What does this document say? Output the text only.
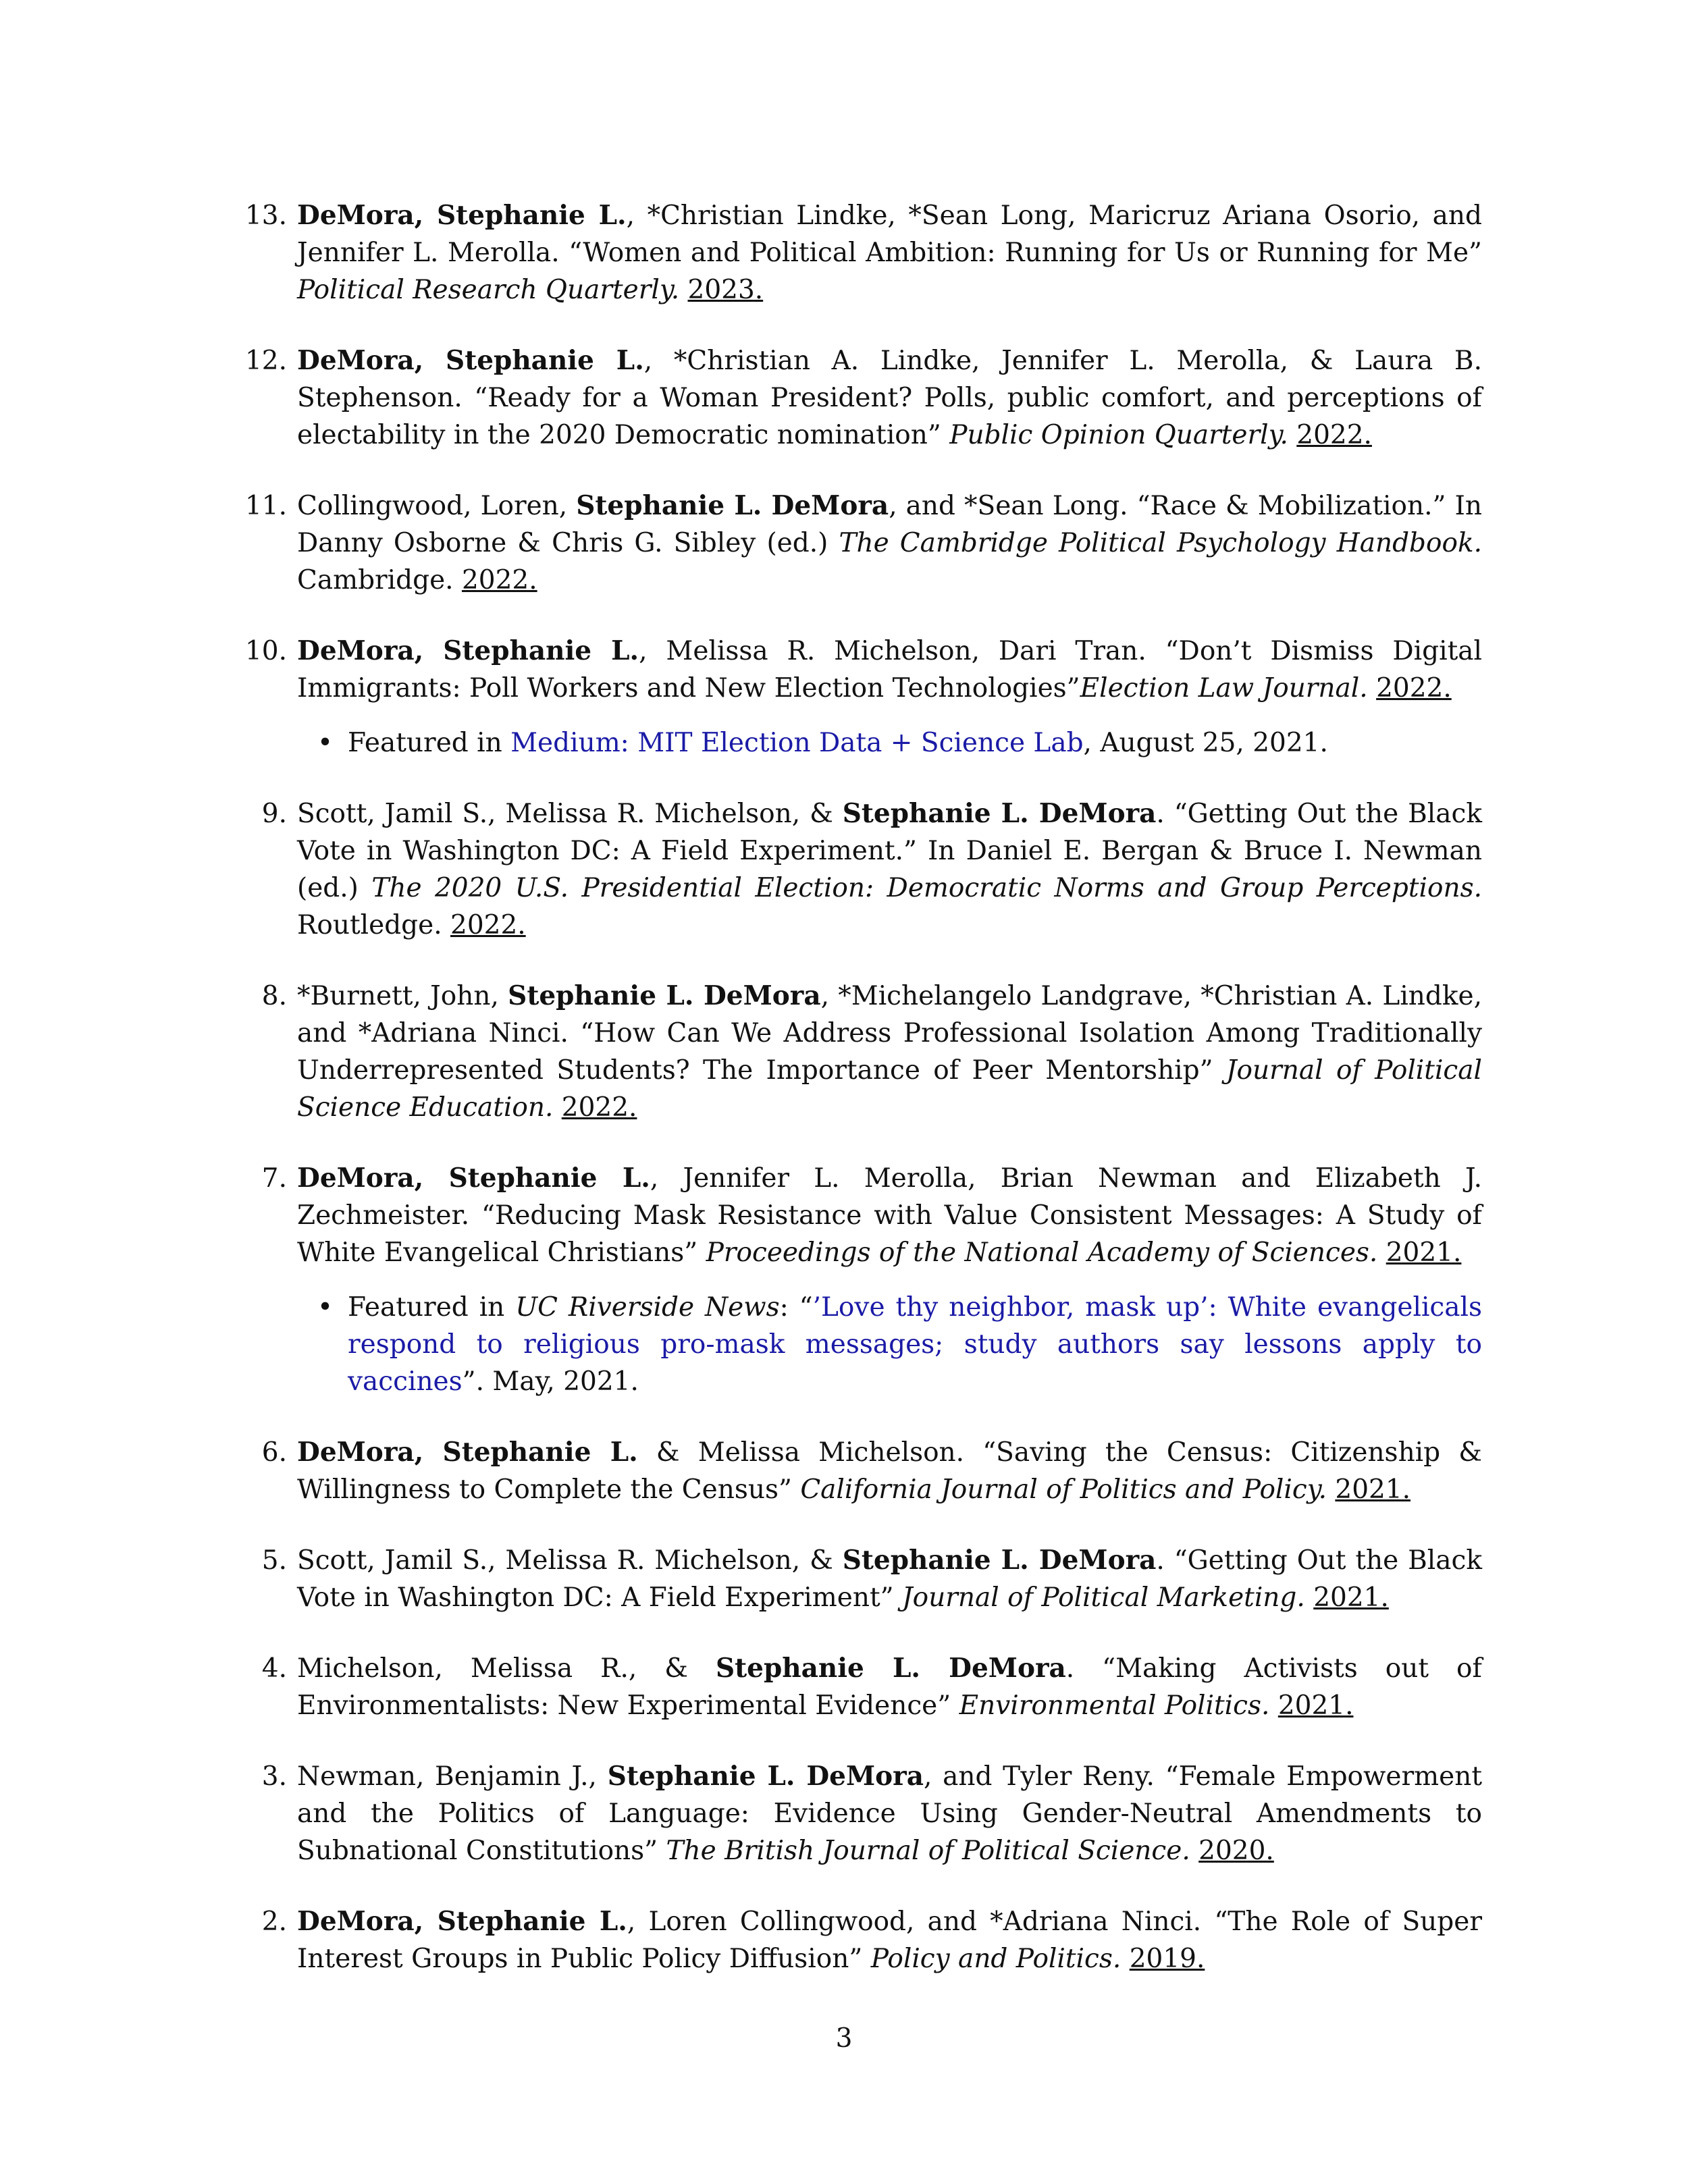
13. DeMora, Stephanie L., *Christian Lindke, *Sean Long, Maricruz Ariana Osorio, and Jennifer L. Merolla. “Women and Political Ambition: Running for Us or Running for Me” Political Research Quarterly. 2023.
12. DeMora, Stephanie L., *Christian A. Lindke, Jennifer L. Merolla, & Laura B. Stephenson. “Ready for a Woman President? Polls, public comfort, and perceptions of electability in the 2020 Democratic nomination” Public Opinion Quarterly. 2022.
11. Collingwood, Loren, Stephanie L. DeMora, and *Sean Long. “Race & Mobilization.” In Danny Osborne & Chris G. Sibley (ed.) The Cambridge Political Psychology Handbook. Cambridge. 2022.
10. DeMora, Stephanie L., Melissa R. Michelson, Dari Tran. “Don’t Dismiss Digital Immigrants: Poll Workers and New Election Technologies”Election Law Journal. 2022.
• Featured in Medium: MIT Election Data + Science Lab, August 25, 2021.
9. Scott, Jamil S., Melissa R. Michelson, & Stephanie L. DeMora. “Getting Out the Black Vote in Washington DC: A Field Experiment.” In Daniel E. Bergan & Bruce I. Newman (ed.) The 2020 U.S. Presidential Election: Democratic Norms and Group Perceptions. Routledge. 2022.
8. *Burnett, John, Stephanie L. DeMora, *Michelangelo Landgrave, *Christian A. Lindke, and *Adriana Ninci. “How Can We Address Professional Isolation Among Traditionally Underrepresented Students? The Importance of Peer Mentorship” Journal of Political Science Education. 2022.
7. DeMora, Stephanie L., Jennifer L. Merolla, Brian Newman and Elizabeth J. Zechmeister. “Reducing Mask Resistance with Value Consistent Messages: A Study of White Evangelical Christians” Proceedings of the National Academy of Sciences. 2021.
• Featured in UC Riverside News: “’Love thy neighbor, mask up’: White evangelicals respond to religious pro-mask messages; study authors say lessons apply to vaccines”. May, 2021.
6. DeMora, Stephanie L. & Melissa Michelson. “Saving the Census: Citizenship & Willingness to Complete the Census” California Journal of Politics and Policy. 2021.
5. Scott, Jamil S., Melissa R. Michelson, & Stephanie L. DeMora. “Getting Out the Black Vote in Washington DC: A Field Experiment” Journal of Political Marketing. 2021.
4. Michelson, Melissa R., & Stephanie L. DeMora. “Making Activists out of Environmentalists: New Experimental Evidence” Environmental Politics. 2021.
3. Newman, Benjamin J., Stephanie L. DeMora, and Tyler Reny. “Female Empowerment and the Politics of Language: Evidence Using Gender-Neutral Amendments to Subnational Constitutions” The British Journal of Political Science. 2020.
2. DeMora, Stephanie L., Loren Collingwood, and *Adriana Ninci. “The Role of Super Interest Groups in Public Policy Diffusion” Policy and Politics. 2019.
3
